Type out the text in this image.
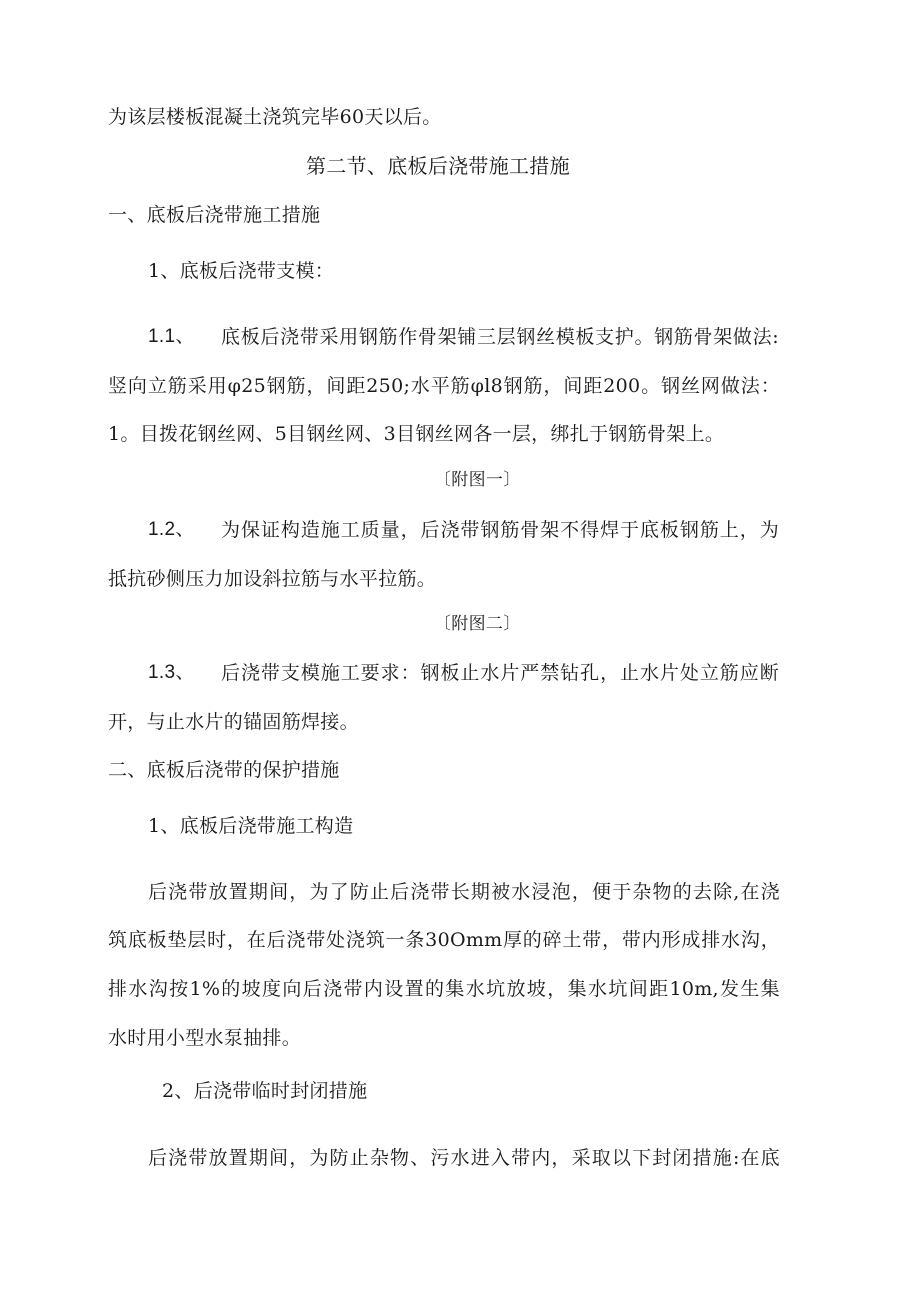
为该层楼板混凝土浇筑完毕60天以后。
第二节、底板后浇带施工措施
一、底板后浇带施工措施
1、底板后浇带支模：
1.1、 底板后浇带采用钢筋作骨架铺三层钢丝模板支护。钢筋骨架做法:
竖向立筋采用φ25钢筋，间距250;水平筋φl8钢筋，间距200。钢丝网做法：
1。目拨花钢丝网、5目钢丝网、3目钢丝网各一层，绑扎于钢筋骨架上。
〔附图一〕
1.2、 为保证构造施工质量，后浇带钢筋骨架不得焊于底板钢筋上，为
抵抗砂侧压力加设斜拉筋与水平拉筋。
〔附图二〕
1.3、 后浇带支模施工要求：钢板止水片严禁钻孔，止水片处立筋应断
开，与止水片的锚固筋焊接。
二、底板后浇带的保护措施
1、底板后浇带施工构造
后浇带放置期间，为了防止后浇带长期被水浸泡，便于杂物的去除,在浇
筑底板垫层时，在后浇带处浇筑一条30Omm厚的碎土带，带内形成排水沟，
排水沟按1%的坡度向后浇带内设置的集水坑放坡，集水坑间距10m,发生集
水时用小型水泵抽排。
2、后浇带临时封闭措施
后浇带放置期间，为防止杂物、污水进入带内，采取以下封闭措施:在底
